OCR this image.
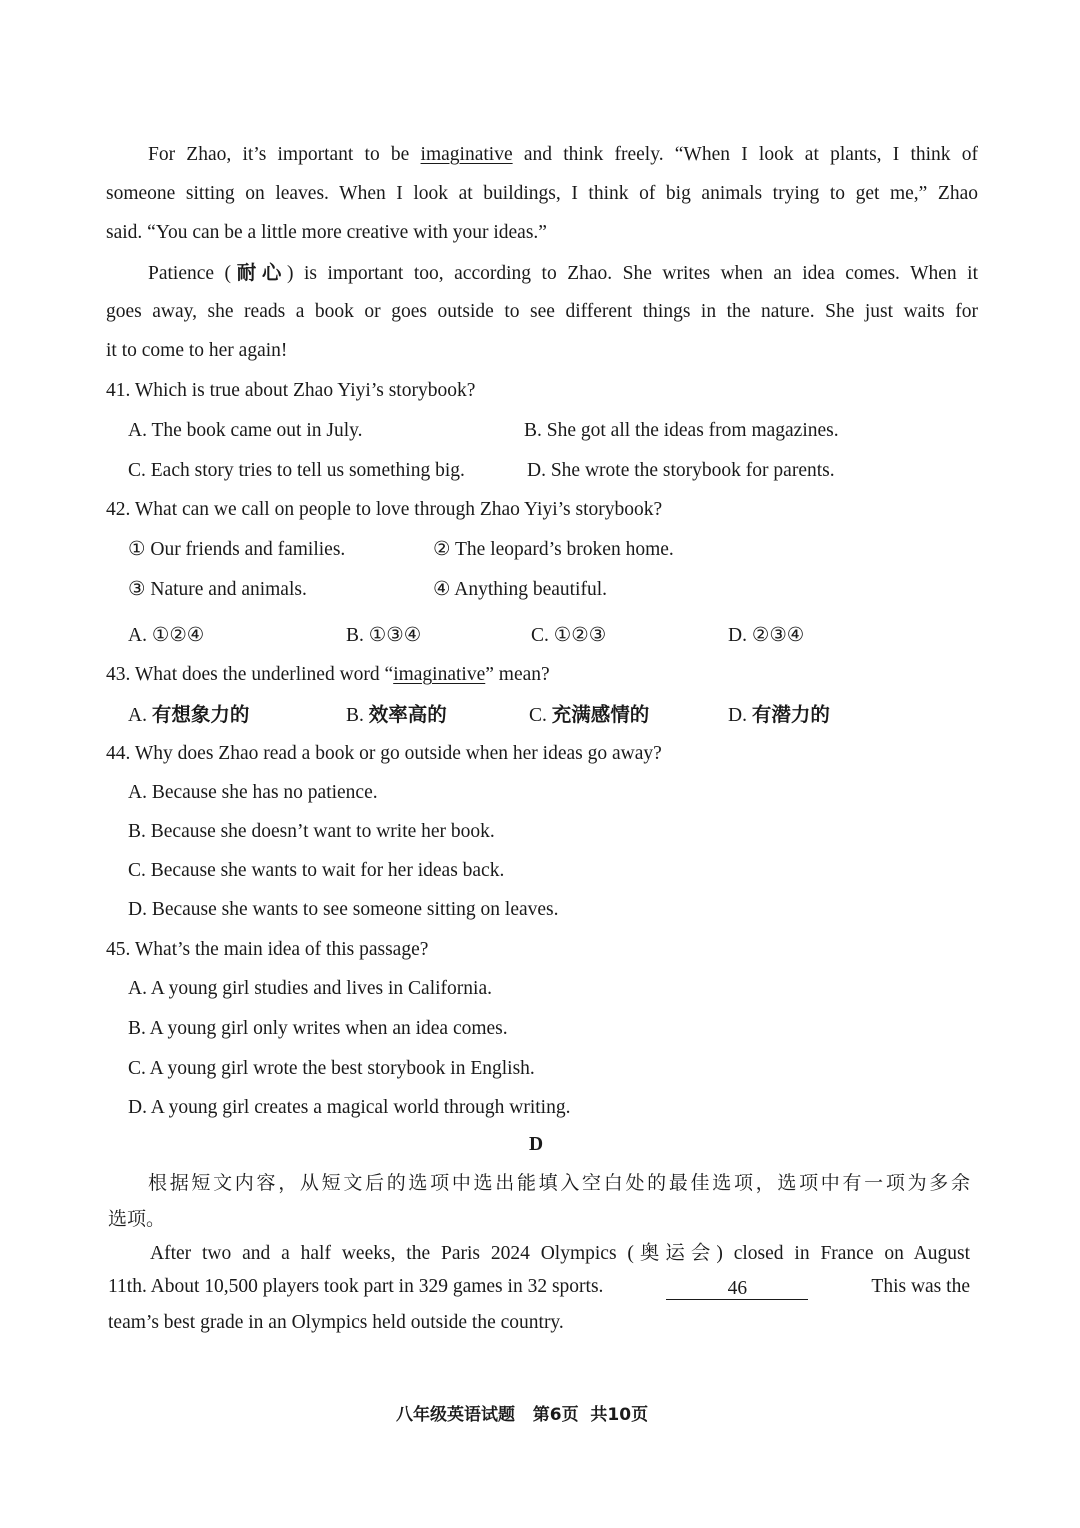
For Zhao, it’s important to be imaginative and think freely. “When I look at plants, I think of
someone sitting on leaves. When I look at buildings, I think of big animals trying to get me,” Zhao
said. “You can be a little more creative with your ideas.”
Patience (耐心) is important too, according to Zhao. She writes when an idea comes. When it
goes away, she reads a book or goes outside to see different things in the nature. She just waits for
it to come to her again!
41. Which is true about Zhao Yiyi’s storybook?
A. The book came out in July.	B. She got all the ideas from magazines.
C. Each story tries to tell us something big.	D. She wrote the storybook for parents.
42. What can we call on people to love through Zhao Yiyi’s storybook?
① Our friends and families.	② The leopard’s broken home.
③ Nature and animals.	④ Anything beautiful.
A. ①②④	B. ①③④	C. ①②③	D. ②③④
43. What does the underlined word “imaginative” mean?
A. 有想象力的	B. 效率高的	C. 充满感情的	D. 有潜力的
44. Why does Zhao read a book or go outside when her ideas go away?
A. Because she has no patience.
B. Because she doesn’t want to write her book.
C. Because she wants to wait for her ideas back.
D. Because she wants to see someone sitting on leaves.
45. What’s the main idea of this passage?
A. A young girl studies and lives in California.
B. A young girl only writes when an idea comes.
C. A young girl wrote the best storybook in English.
D. A young girl creates a magical world through writing.
D
根据短文内容，从短文后的选项中选出能填入空白处的最佳选项，选项中有一项为多余
选项。
After two and a half weeks, the Paris 2024 Olympics (奥运会) closed in France on August
11th. About 10,500 players took part in 329 games in 32 sports.	46	This was the
team’s best grade in an Olympics held outside the country.
八年级英语试题   第6页  共10页
